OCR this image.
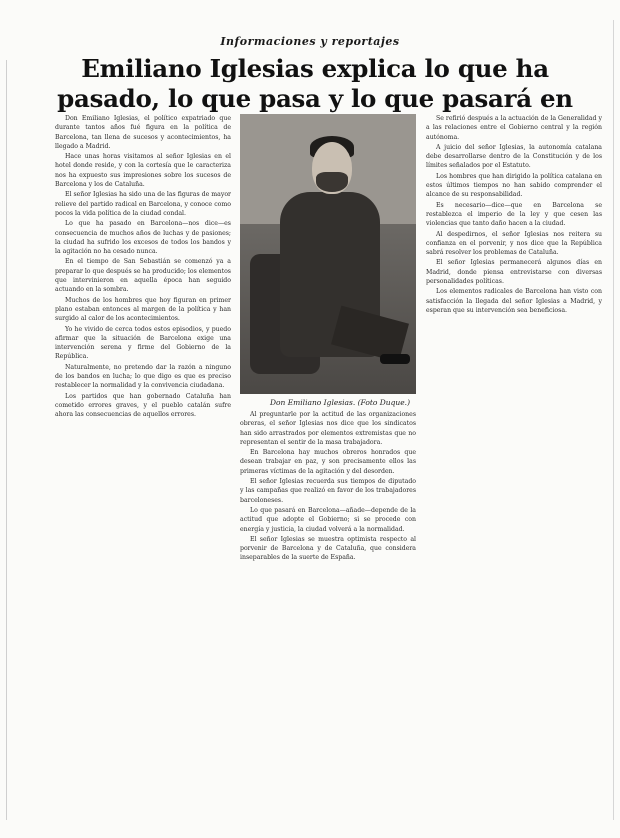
Informaciones y reportajes
Emiliano Iglesias explica lo que ha pasado, lo que pasa y lo que pasará en

Don Emiliano Iglesias, el político expatriado que durante tantos años fué figura en la política de Barcelona, tan llena de sucesos y acontecimientos, ha llegado a Madrid.

Hace unas horas visitamos al señor Iglesias en el hotel donde reside, y con la cortesía que le caracteriza nos ha expuesto sus impresiones sobre los sucesos de Barcelona y los de Cataluña.

El señor Iglesias ha sido una de las figuras de mayor relieve del partido radical en Barcelona, y conoce como pocos la vida política de la ciudad condal.

Lo que ha pasado en Barcelona—nos dice—es consecuencia de muchos años de luchas y de pasiones; la ciudad ha sufrido los excesos de todos los bandos y la agitación no ha cesado nunca.

En el tiempo de San Sebastián se comenzó ya a preparar lo que después se ha producido; los elementos que intervinieron en aquella época han seguido actuando en la sombra.

Muchos de los hombres que hoy figuran en primer plano estaban entonces al margen de la política y han surgido al calor de los acontecimientos.

Yo he vivido de cerca todos estos episodios, y puedo afirmar que la situación de Barcelona exige una intervención serena y firme del Gobierno de la República.

Naturalmente, no pretendo dar la razón a ninguno de los bandos en lucha; lo que digo es que es preciso restablecer la normalidad y la convivencia ciudadana.

Los partidos que han gobernado Cataluña han cometido errores graves, y el pueblo catalán sufre ahora las consecuencias de aquellos errores.

Don Emiliano Iglesias. (Foto Duque.)

Al preguntarle por la actitud de las organizaciones obreras, el señor Iglesias nos dice que los sindicatos han sido arrastrados por elementos extremistas que no representan el sentir de la masa trabajadora.

En Barcelona hay muchos obreros honrados que desean trabajar en paz, y son precisamente ellos las primeras víctimas de la agitación y del desorden.

El señor Iglesias recuerda sus tiempos de diputado y las campañas que realizó en favor de los trabajadores barceloneses.

Lo que pasará en Barcelona—añade—depende de la actitud que adopte el Gobierno; si se procede con energía y justicia, la ciudad volverá a la normalidad.

El señor Iglesias se muestra optimista respecto al porvenir de Barcelona y de Cataluña, que considera inseparables de la suerte de España.

Se refirió después a la actuación de la Generalidad y a las relaciones entre el Gobierno central y la región autónoma.

A juicio del señor Iglesias, la autonomía catalana debe desarrollarse dentro de la Constitución y de los límites señalados por el Estatuto.

Los hombres que han dirigido la política catalana en estos últimos tiempos no han sabido comprender el alcance de su responsabilidad.

Es necesario—dice—que en Barcelona se restablezca el imperio de la ley y que cesen las violencias que tanto daño hacen a la ciudad.

Al despedirnos, el señor Iglesias nos reitera su confianza en el porvenir, y nos dice que la República sabrá resolver los problemas de Cataluña.

El señor Iglesias permanecerá algunos días en Madrid, donde piensa entrevistarse con diversas personalidades políticas.

Los elementos radicales de Barcelona han visto con satisfacción la llegada del señor Iglesias a Madrid, y esperan que su intervención sea beneficiosa.
